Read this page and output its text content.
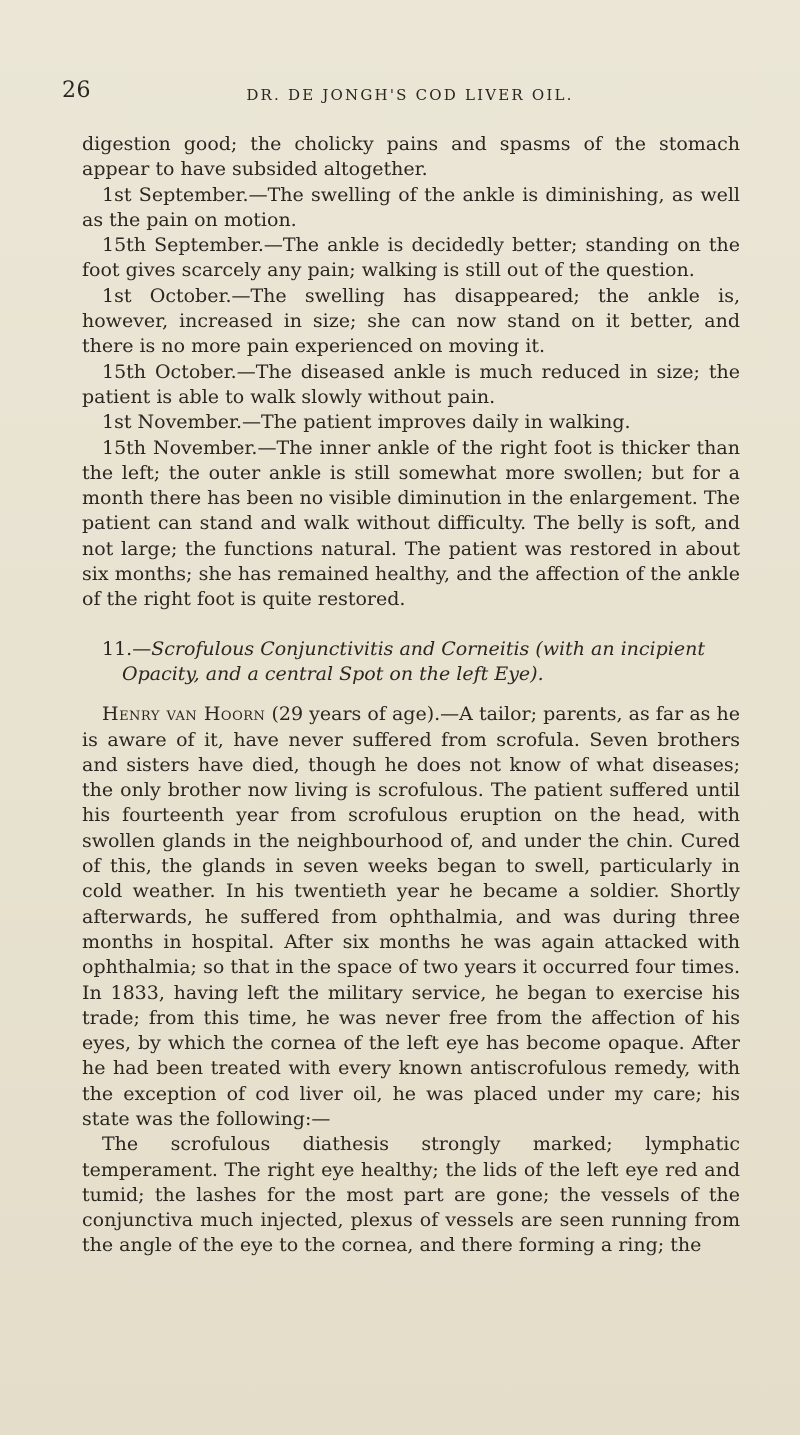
26	DR. DE JONGH'S COD LIVER OIL.

digestion good; the cholicky pains and spasms of the stomach appear to have subsided altogether.

1st September.—The swelling of the ankle is diminishing, as well as the pain on motion.

15th September.—The ankle is decidedly better; standing on the foot gives scarcely any pain; walking is still out of the question.

1st October.—The swelling has disappeared; the ankle is, however, increased in size; she can now stand on it better, and there is no more pain experienced on moving it.

15th October.—The diseased ankle is much reduced in size; the patient is able to walk slowly without pain.

1st November.—The patient improves daily in walking.

15th November.—The inner ankle of the right foot is thicker than the left; the outer ankle is still somewhat more swollen; but for a month there has been no visible diminution in the enlargement. The patient can stand and walk without difficulty. The belly is soft, and not large; the functions natural. The patient was restored in about six months; she has remained healthy, and the affection of the ankle of the right foot is quite restored.

11.—Scrofulous Conjunctivitis and Corneitis (with an incipient Opacity, and a central Spot on the left Eye).

Henry van Hoorn (29 years of age).—A tailor; parents, as far as he is aware of it, have never suffered from scrofula. Seven brothers and sisters have died, though he does not know of what diseases; the only brother now living is scrofulous. The patient suffered until his fourteenth year from scrofulous eruption on the head, with swollen glands in the neighbourhood of, and under the chin. Cured of this, the glands in seven weeks began to swell, particularly in cold weather. In his twentieth year he became a soldier. Shortly afterwards, he suffered from ophthalmia, and was during three months in hospital. After six months he was again attacked with ophthalmia; so that in the space of two years it occurred four times. In 1833, having left the military service, he began to exercise his trade; from this time, he was never free from the affection of his eyes, by which the cornea of the left eye has become opaque. After he had been treated with every known antiscrofulous remedy, with the exception of cod liver oil, he was placed under my care; his state was the following:—

The scrofulous diathesis strongly marked; lymphatic temperament. The right eye healthy; the lids of the left eye red and tumid; the lashes for the most part are gone; the vessels of the conjunctiva much injected, plexus of vessels are seen running from the angle of the eye to the cornea, and there forming a ring; the
